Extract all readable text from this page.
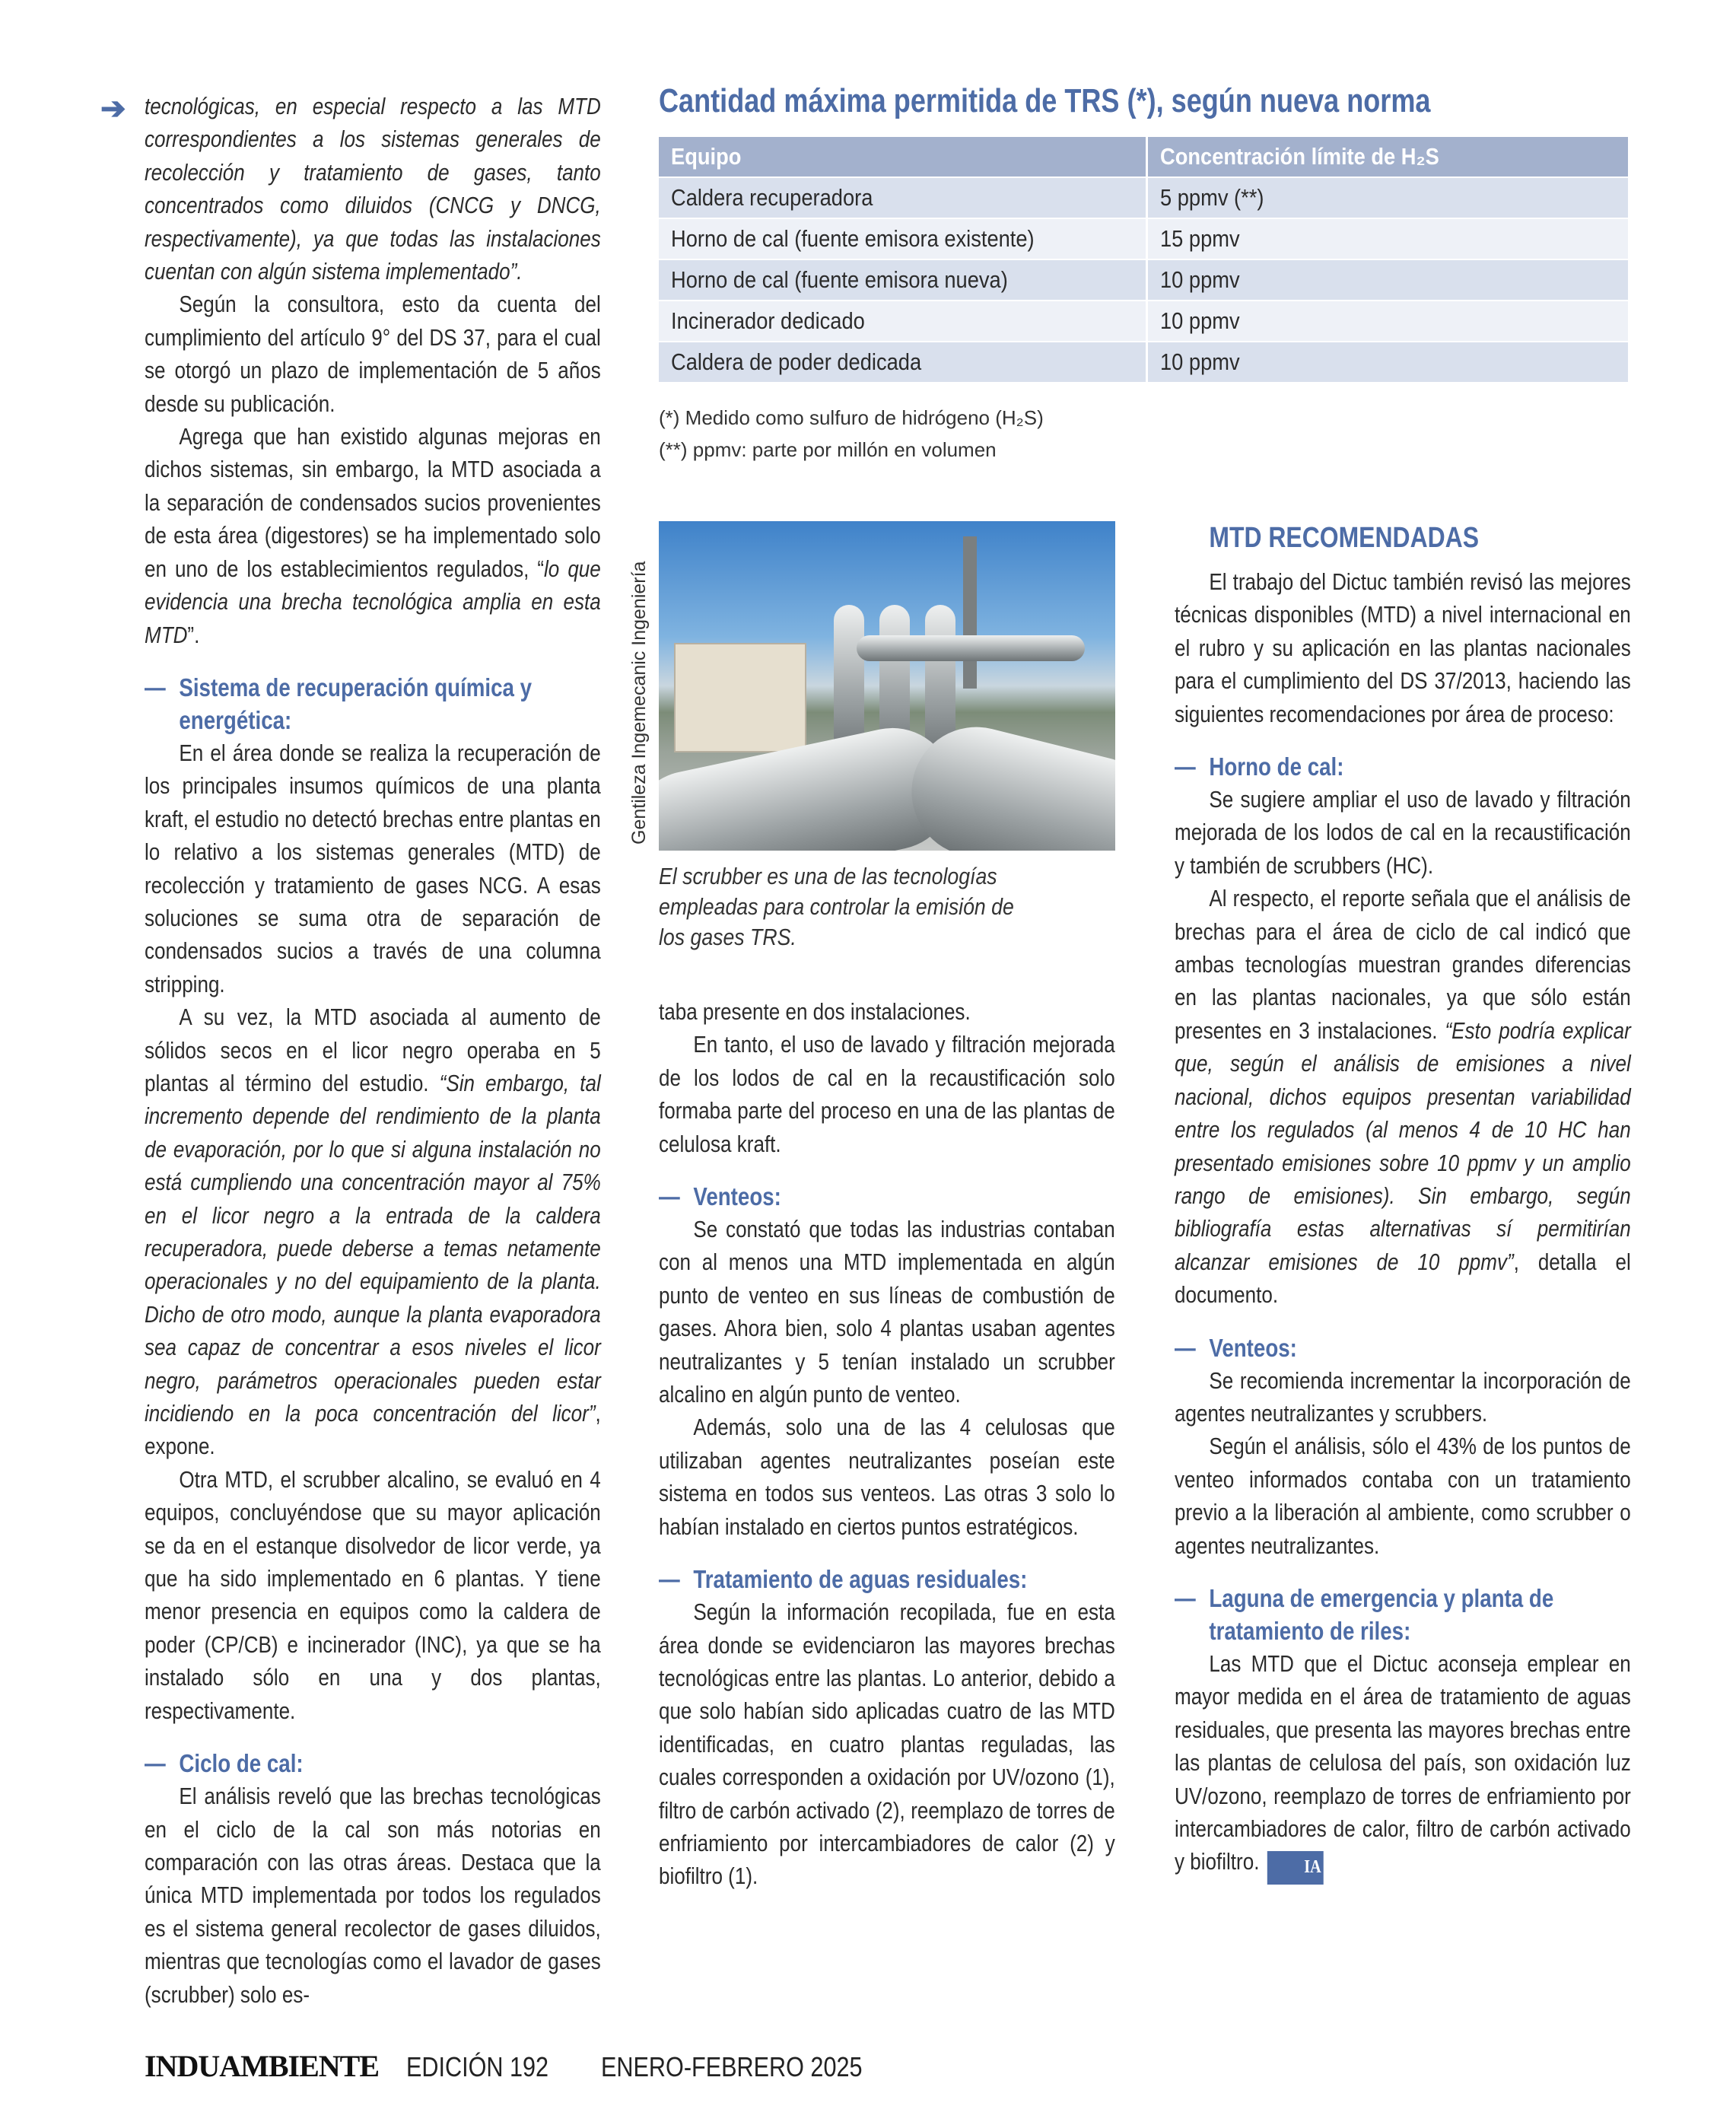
➔ tecnológicas, en especial respecto a las MTD correspondientes a los sistemas generales de recolección y tratamiento de gases, tanto concentrados como diluidos (CNCG y DNCG, respectivamente), ya que todas las instalaciones cuentan con algún sistema implementado”.

Según la consultora, esto da cuenta del cumplimiento del artículo 9° del DS 37, para el cual se otorgó un plazo de implementación de 5 años desde su publicación.

Agrega que han existido algunas mejoras en dichos sistemas, sin embargo, la MTD asociada a la separación de condensados sucios provenientes de esta área (digestores) se ha implementado solo en uno de los establecimientos regulados, “lo que evidencia una brecha tecnológica amplia en esta MTD”.

— Sistema de recuperación química y energética:

En el área donde se realiza la recuperación de los principales insumos químicos de una planta kraft, el estudio no detectó brechas entre plantas en lo relativo a los sistemas generales (MTD) de recolección y tratamiento de gases NCG. A esas soluciones se suma otra de separación de condensados sucios a través de una columna stripping.

A su vez, la MTD asociada al aumento de sólidos secos en el licor negro operaba en 5 plantas al término del estudio. “Sin embargo, tal incremento depende del rendimiento de la planta de evaporación, por lo que si alguna instalación no está cumpliendo una concentración mayor al 75% en el licor negro a la entrada de la caldera recuperadora, puede deberse a temas netamente operacionales y no del equipamiento de la planta. Dicho de otro modo, aunque la planta evaporadora sea capaz de concentrar a esos niveles el licor negro, parámetros operacionales pueden estar incidiendo en la poca concentración del licor”, expone.

Otra MTD, el scrubber alcalino, se evaluó en 4 equipos, concluyéndose que su mayor aplicación se da en el estanque disolvedor de licor verde, ya que ha sido implementado en 6 plantas. Y tiene menor presencia en equipos como la caldera de poder (CP/CB) e incinerador (INC), ya que se ha instalado sólo en una y dos plantas, respectivamente.

— Ciclo de cal:

El análisis reveló que las brechas tecnológicas en el ciclo de la cal son más notorias en comparación con las otras áreas. Destaca que la única MTD implementada por todos los regulados es el sistema general recolector de gases diluidos, mientras que tecnologías como el lavador de gases (scrubber) solo es-

Cantidad máxima permitida de TRS (*), según nueva norma
Equipo	Concentración límite de H₂S
Caldera recuperadora	5 ppmv (**)
Horno de cal (fuente emisora existente)	15 ppmv
Horno de cal (fuente emisora nueva)	10 ppmv
Incinerador dedicado	10 ppmv
Caldera de poder dedicada	10 ppmv
(*) Medido como sulfuro de hidrógeno (H₂S)
(**) ppmv: parte por millón en volumen
Gentileza Ingemecanic Ingeniería
El scrubber es una de las tecnologías empleadas para controlar la emisión de los gases TRS.

taba presente en dos instalaciones.

En tanto, el uso de lavado y filtración mejorada de los lodos de cal en la recaustificación solo formaba parte del proceso en una de las plantas de celulosa kraft.

— Venteos:

Se constató que todas las industrias contaban con al menos una MTD implementada en algún punto de venteo en sus líneas de combustión de gases. Ahora bien, solo 4 plantas usaban agentes neutralizantes y 5 tenían instalado un scrubber alcalino en algún punto de venteo.

Además, solo una de las 4 celulosas que utilizaban agentes neutralizantes poseían este sistema en todos sus venteos. Las otras 3 solo lo habían instalado en ciertos puntos estratégicos.

— Tratamiento de aguas residuales:

Según la información recopilada, fue en esta área donde se evidenciaron las mayores brechas tecnológicas entre las plantas. Lo anterior, debido a que solo habían sido aplicadas cuatro de las MTD identificadas, en cuatro plantas reguladas, las cuales corresponden a oxidación por UV/ozono (1), filtro de carbón activado (2), reemplazo de torres de enfriamiento por intercambiadores de calor (2) y biofiltro (1).

MTD RECOMENDADAS

El trabajo del Dictuc también revisó las mejores técnicas disponibles (MTD) a nivel internacional en el rubro y su aplicación en las plantas nacionales para el cumplimiento del DS 37/2013, haciendo las siguientes recomendaciones por área de proceso:

— Horno de cal:

Se sugiere ampliar el uso de lavado y filtración mejorada de los lodos de cal en la recaustificación y también de scrubbers (HC).

Al respecto, el reporte señala que el análisis de brechas para el área de ciclo de cal indicó que ambas tecnologías muestran grandes diferencias en las plantas nacionales, ya que sólo están presentes en 3 instalaciones. “Esto podría explicar que, según el análisis de emisiones a nivel nacional, dichos equipos presentan variabilidad entre los regulados (al menos 4 de 10 HC han presentado emisiones sobre 10 ppmv y un amplio rango de emisiones). Sin embargo, según bibliografía estas alternativas sí permitirían alcanzar emisiones de 10 ppmv”, detalla el documento.

— Venteos:

Se recomienda incrementar la incorporación de agentes neutralizantes y scrubbers.

Según el análisis, sólo el 43% de los puntos de venteo informados contaba con un tratamiento previo a la liberación al ambiente, como scrubber o agentes neutralizantes.

— Laguna de emergencia y planta de tratamiento de riles:

Las MTD que el Dictuc aconseja emplear en mayor medida en el área de tratamiento de aguas residuales, que presenta las mayores brechas entre las plantas de celulosa del país, son oxidación luz UV/ozono, reemplazo de torres de enfriamiento por intercambiadores de calor, filtro de carbón activado y biofiltro. IA

INDUAMBIENTE EDICIÓN 192 ENERO-FEBRERO 2025
